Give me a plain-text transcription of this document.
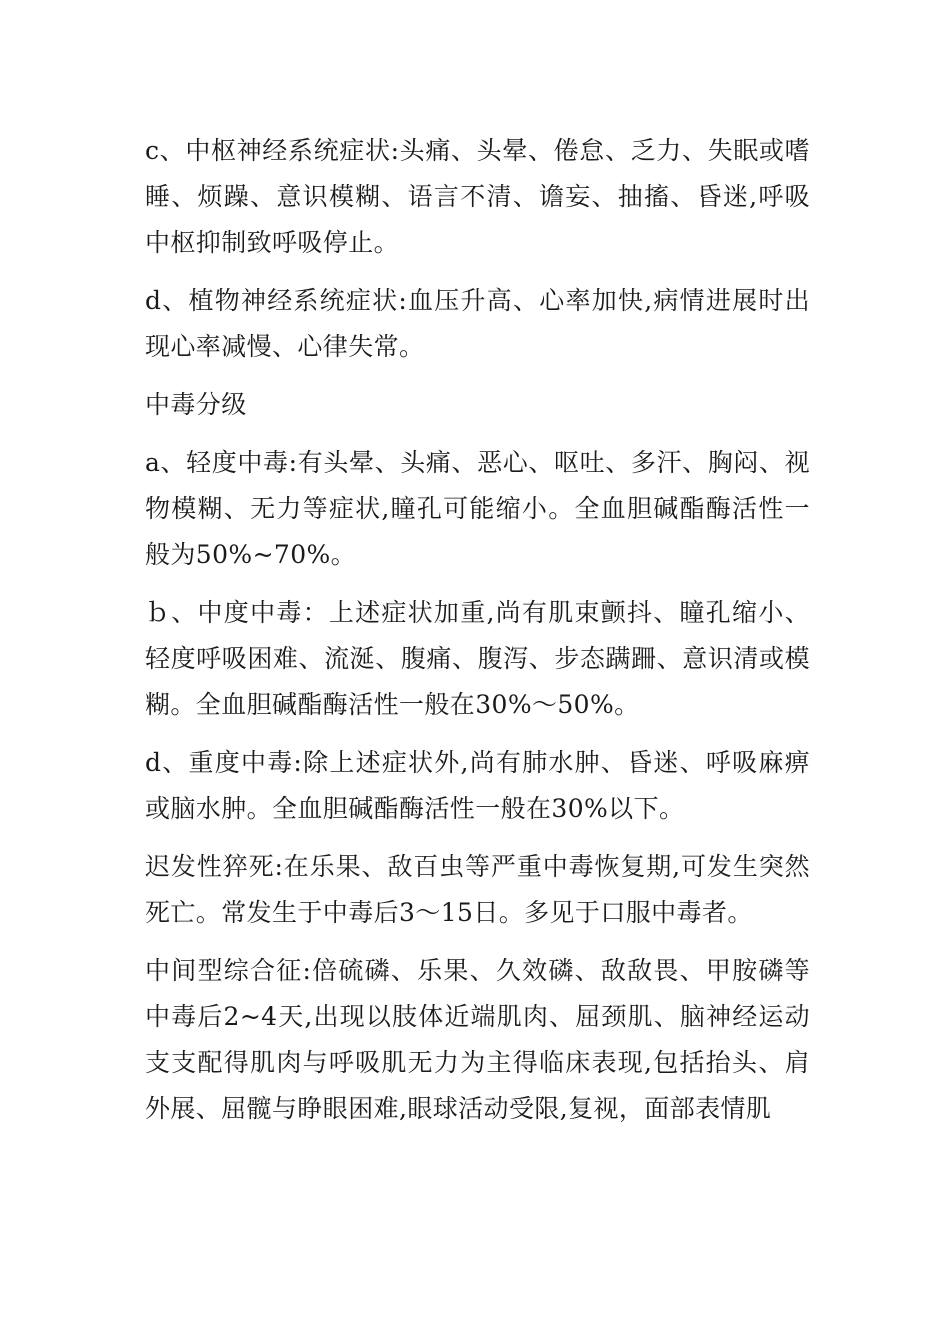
c、中枢神经系统症状:头痛、头晕、倦怠、乏力、失眠或嗜睡、烦躁、意识模糊、语言不清、谵妄、抽搐、昏迷,呼吸中枢抑制致呼吸停止。

d、植物神经系统症状:血压升高、心率加快,病情进展时出现心率减慢、心律失常。

中毒分级

a、轻度中毒:有头晕、头痛、恶心、呕吐、多汗、胸闷、视物模糊、无力等症状,瞳孔可能缩小。全血胆碱酯酶活性一般为50%~70%。

ｂ、中度中毒：上述症状加重,尚有肌束颤抖、瞳孔缩小、轻度呼吸困难、流涎、腹痛、腹泻、步态蹒跚、意识清或模糊。全血胆碱酯酶活性一般在30%～50%。

d、重度中毒:除上述症状外,尚有肺水肿、昏迷、呼吸麻痹或脑水肿。全血胆碱酯酶活性一般在30%以下。

迟发性猝死:在乐果、敌百虫等严重中毒恢复期,可发生突然死亡。常发生于中毒后3～15日。多见于口服中毒者。

中间型综合征:倍硫磷、乐果、久效磷、敌敌畏、甲胺磷等中毒后2~4天,出现以肢体近端肌肉、屈颈肌、脑神经运动支支配得肌肉与呼吸肌无力为主得临床表现,包括抬头、肩外展、屈髋与睁眼困难,眼球活动受限,复视，面部表情肌
